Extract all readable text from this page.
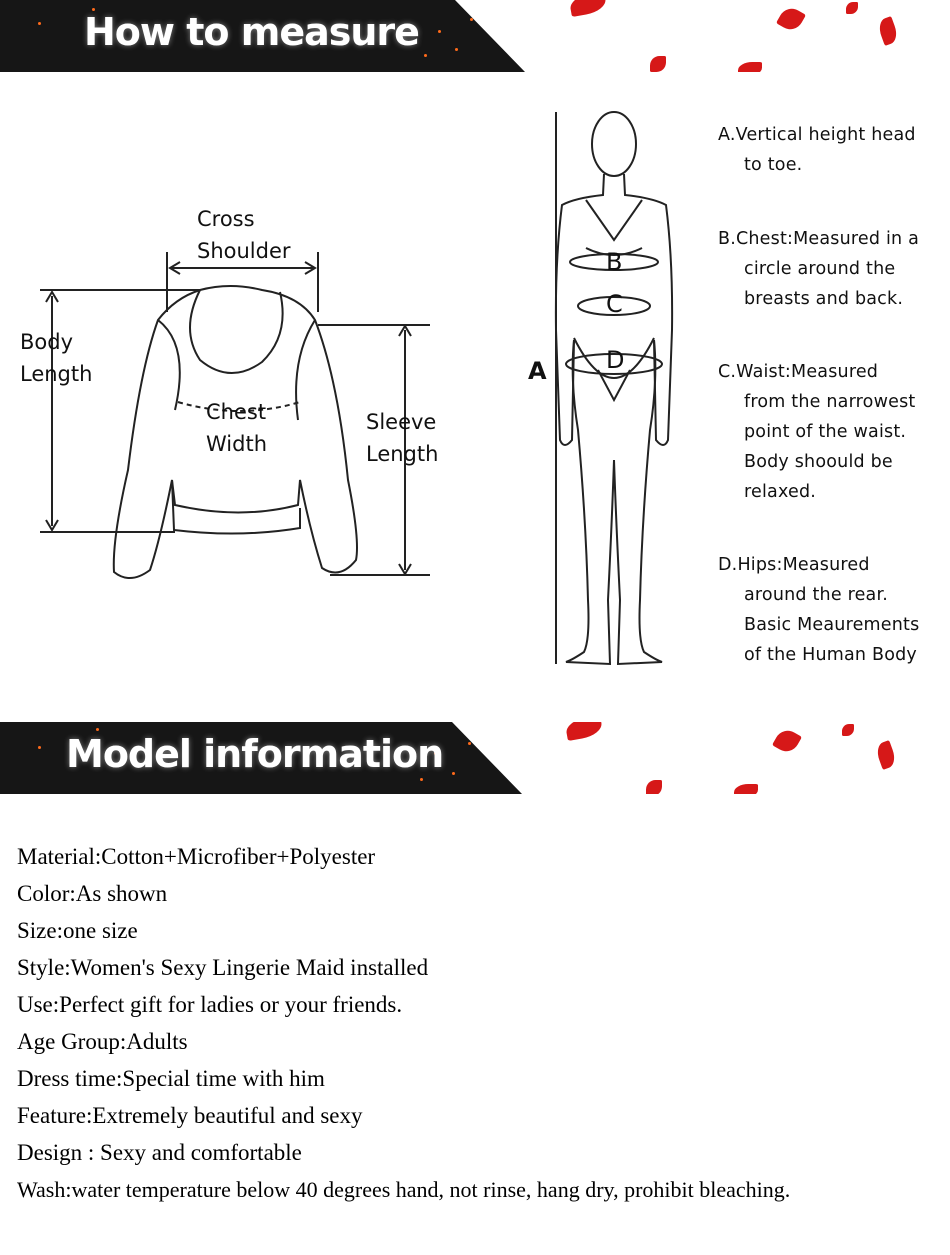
How to measure
Cross
Shoulder
Body
Length
Chest
Width
Sleeve
Length
A
B
C
D
A.Vertical height head
to toe.
B.Chest:Measured in a
circle around the
breasts and back.
C.Waist:Measured
from the narrowest
point of the waist.
Body shoould be
relaxed.
D.Hips:Measured
around the rear.
Basic Meaurements
of the Human Body
Model information
Material:Cotton+Microfiber+Polyester
Color:As shown
Size:one size
Style:Women's Sexy Lingerie Maid installed
Use:Perfect gift for ladies or your friends.
Age Group:Adults
Dress time:Special time with him
Feature:Extremely beautiful and sexy
Design : Sexy and comfortable
Wash:water temperature below 40 degrees hand, not rinse, hang dry, prohibit bleaching.
